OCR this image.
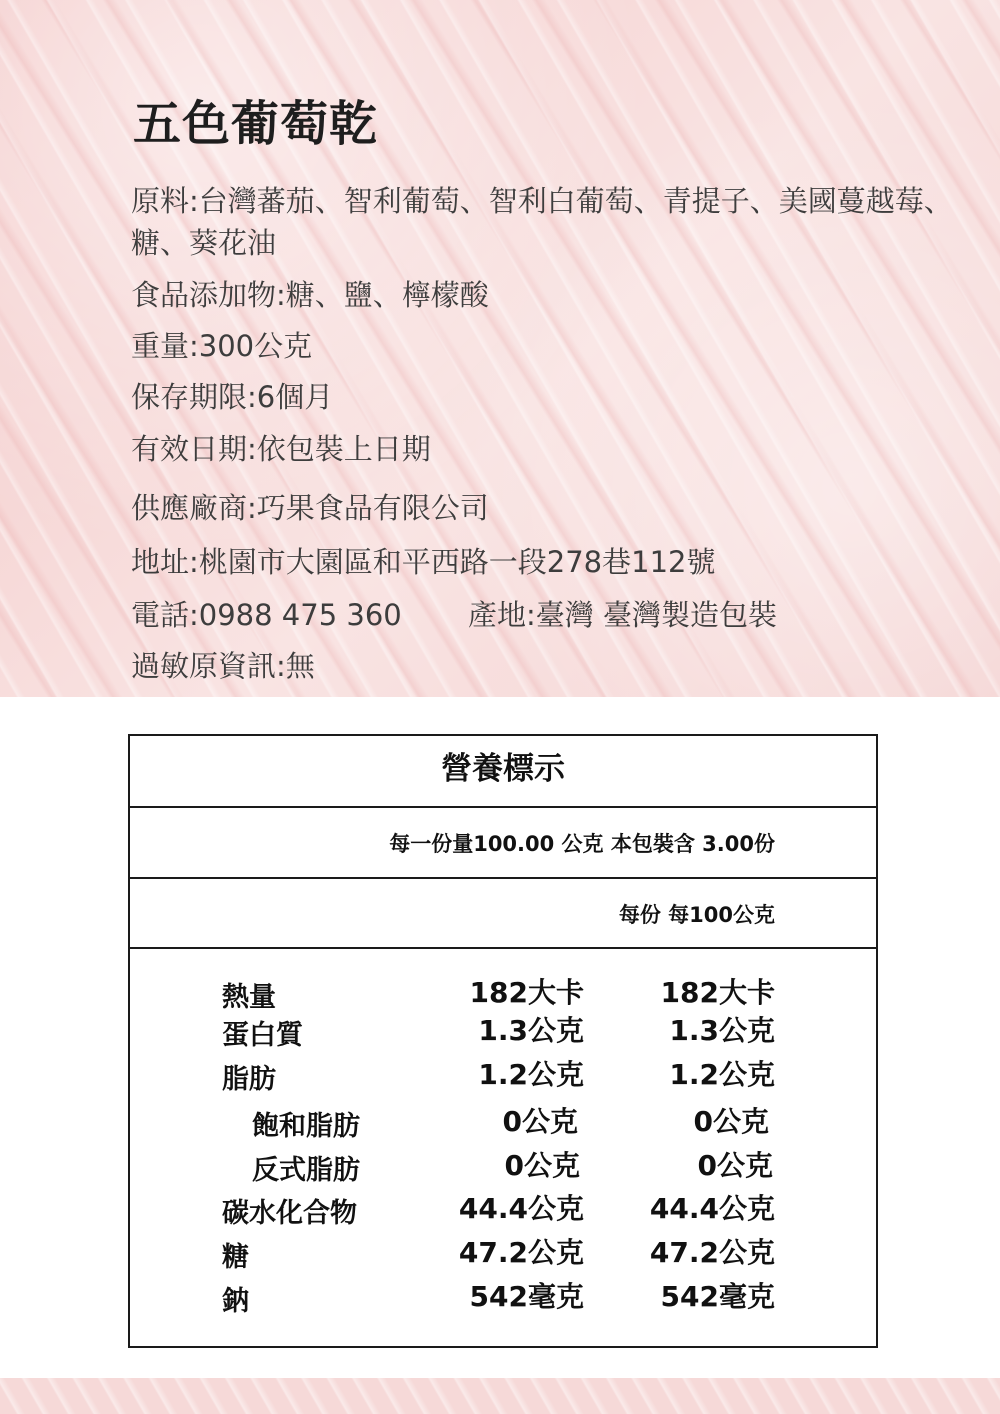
五色葡萄乾
原料:台灣蕃茄、智利葡萄、智利白葡萄、青提子、美國蔓越莓、糖、葵花油
食品添加物:糖、鹽、檸檬酸
重量:300公克
保存期限:6個月
有效日期:依包裝上日期
供應廠商:巧果食品有限公司
地址:桃園市大園區和平西路一段278巷112號
電話:0988 475 360 產地:臺灣 臺灣製造包裝
過敏原資訊:無
營養標示
每一份量100.00 公克 本包裝含 3.00份
每份 每100公克
熱量	182大卡	182大卡
蛋白質	1.3公克	1.3公克
脂肪	1.2公克	1.2公克
飽和脂肪	0公克	0公克
反式脂肪	0公克	0公克
碳水化合物	44.4公克 44.4公克
糖	47.2公克 47.2公克
鈉	542毫克	542毫克
